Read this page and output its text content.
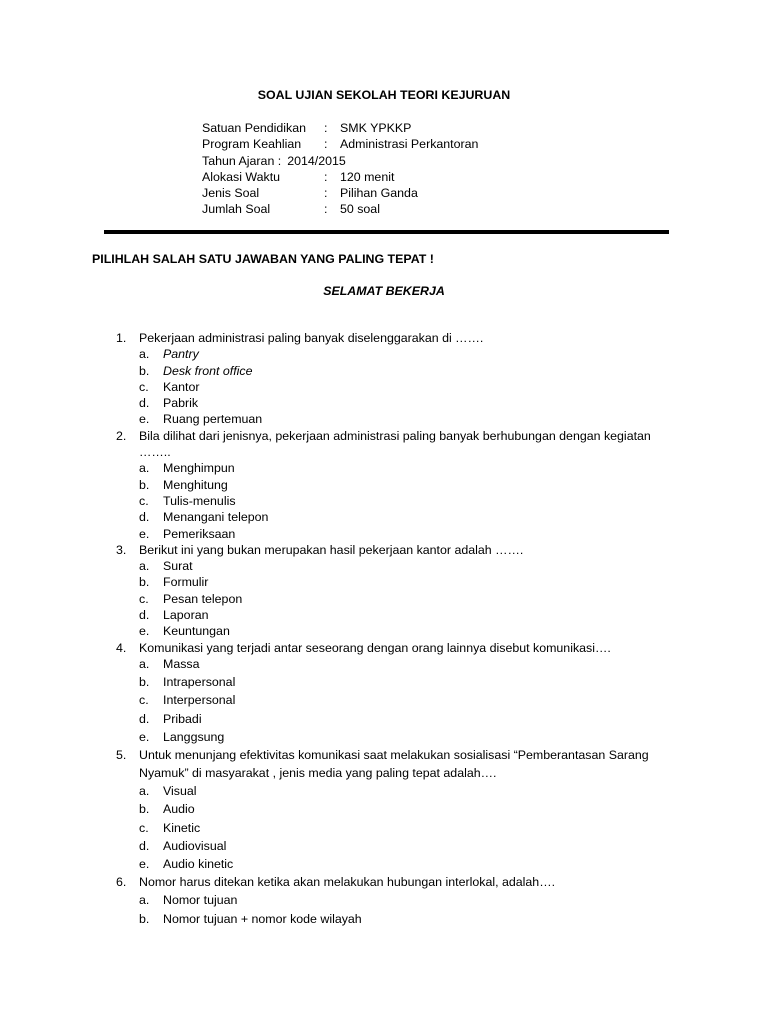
SOAL UJIAN SEKOLAH TEORI KEJURUAN
Satuan Pendidikan	:	SMK YPKKP
Program Keahlian	:	Administrasi Perkantoran
Tahun Ajaran : 2014/2015
Alokasi Waktu	:	120 menit
Jenis Soal	:	Pilihan Ganda
Jumlah Soal	:	50 soal
PILIHLAH SALAH SATU JAWABAN YANG PALING TEPAT !
SELAMAT BEKERJA
1.	Pekerjaan administrasi paling banyak diselenggarakan di …….
a. Pantry
b. Desk front office
c. Kantor
d. Pabrik
e. Ruang pertemuan
2.	Bila dilihat dari jenisnya, pekerjaan administrasi paling banyak berhubungan dengan kegiatan
……..
a. Menghimpun
b. Menghitung
c. Tulis-menulis
d. Menangani telepon
e. Pemeriksaan
3.	Berikut ini yang bukan merupakan hasil pekerjaan kantor adalah …….
a. Surat
b. Formulir
c. Pesan telepon
d. Laporan
e. Keuntungan
4.	Komunikasi yang terjadi antar seseorang dengan orang lainnya disebut komunikasi….
a. Massa
b. Intrapersonal
c. Interpersonal
d. Pribadi
e. Langgsung
5.	Untuk menunjang efektivitas komunikasi saat melakukan sosialisasi “Pemberantasan Sarang
Nyamuk” di masyarakat , jenis media yang paling tepat adalah….
a. Visual
b. Audio
c. Kinetic
d. Audiovisual
e. Audio kinetic
6.	Nomor harus ditekan ketika akan melakukan hubungan interlokal, adalah….
a. Nomor tujuan
b. Nomor tujuan + nomor kode wilayah
